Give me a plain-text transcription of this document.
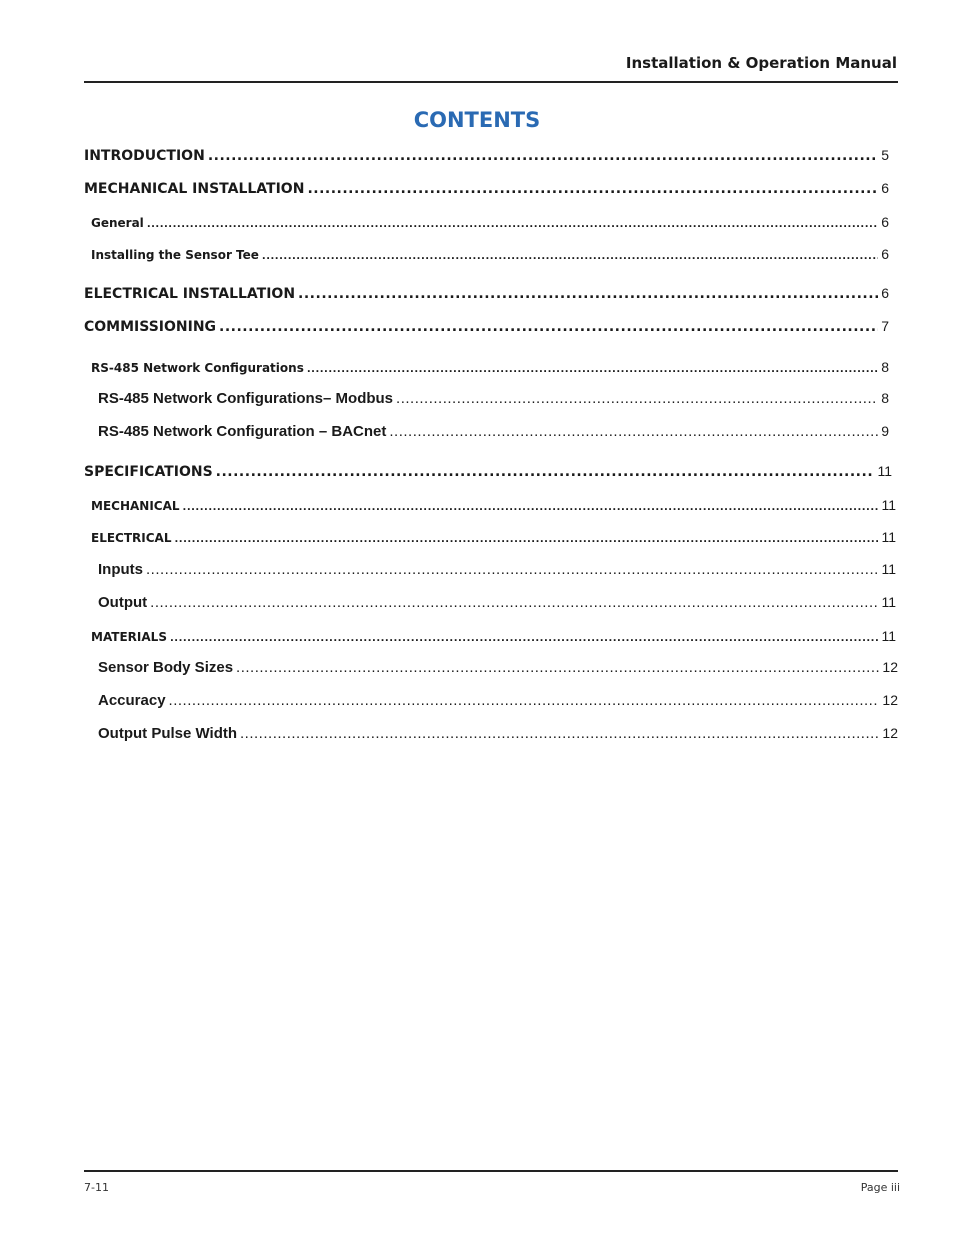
Installation & Operation Manual
CONTENTS
INTRODUCTION .....	5
MECHANICAL INSTALLATION .....	6
General .....	6
Installing the Sensor Tee .....	6
ELECTRICAL INSTALLATION .....	6
COMMISSIONING .....	7
RS-485 Network Configurations .....	8
RS-485 Network Configurations– Modbus .....	8
RS-485 Network Configuration – BACnet .....	9
SPECIFICATIONS .....	11
MECHANICAL .....	11
ELECTRICAL .....	11
Inputs .....	11
Output .....	11
MATERIALS .....	11
Sensor Body Sizes .....	12
Accuracy .....	12
Output Pulse Width .....	12
7-11	Page iii
